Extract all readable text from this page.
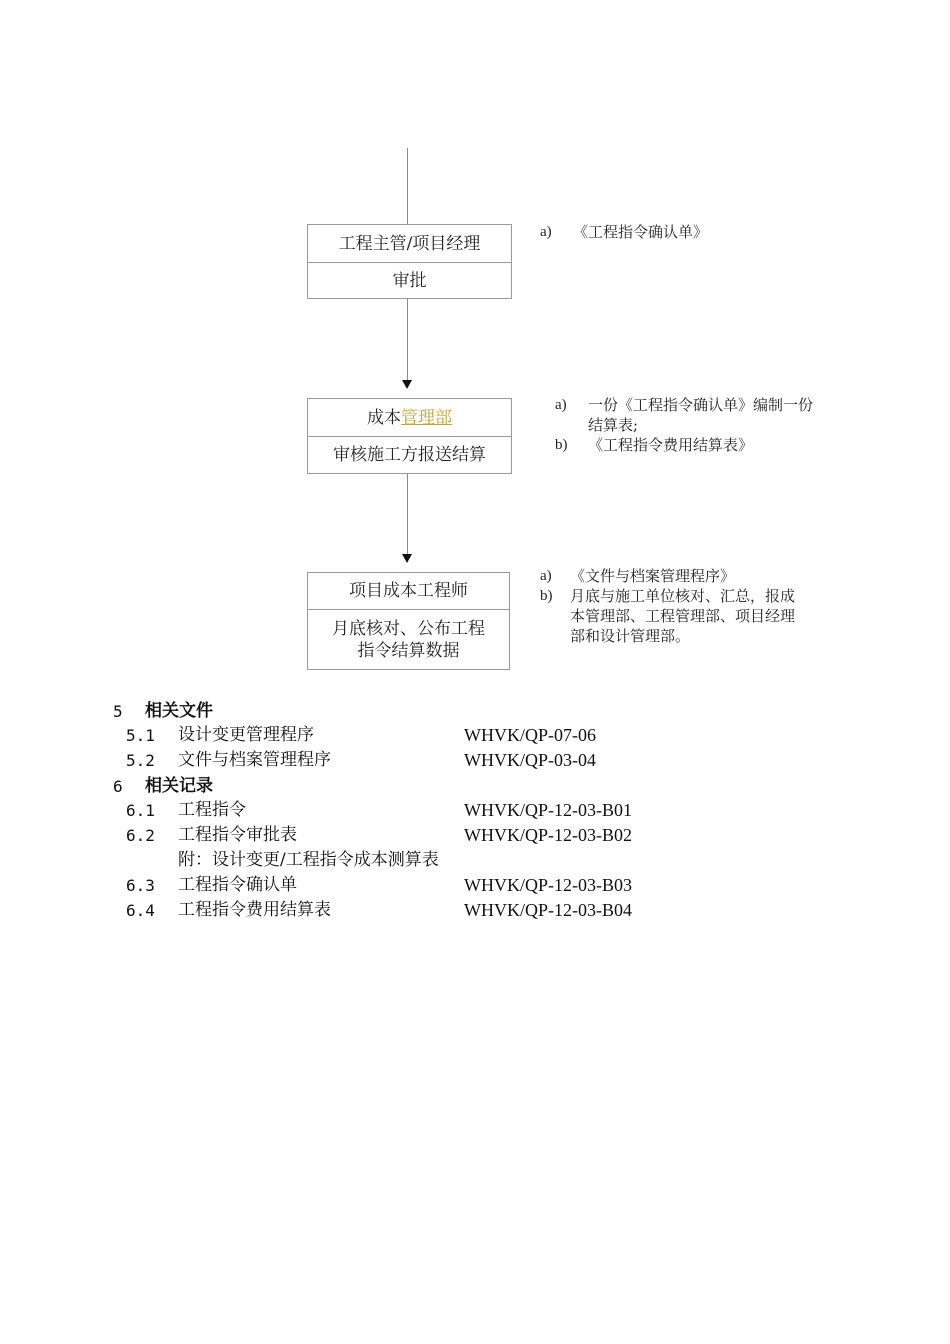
工程主管/项目经理
审批
成本 管理部
审核施工方报送结算
项目成本工程师
月底核对、公布工程
指令结算数据
a)	《工程指令确认单》
a)	一份《工程指令确认单》编制一份
结算表;
b)	《工程指令费用结算表》
a)	《文件与档案管理程序》
b)	月底与施工单位核对、汇总，报成
本管理部、工程管理部、项目经理
部和设计管理部。
5 相关文件
5.1 设计变更管理程序	WHVK/QP-07-06
5.2 文件与档案管理程序	WHVK/QP-03-04
6 相关记录
6.1 工程指令	WHVK/QP-12-03-B01
6.2 工程指令审批表	WHVK/QP-12-03-B02
附：设计变更/工程指令成本测算表
6.3 工程指令确认单	WHVK/QP-12-03-B03
6.4 工程指令费用结算表	WHVK/QP-12-03-B04
